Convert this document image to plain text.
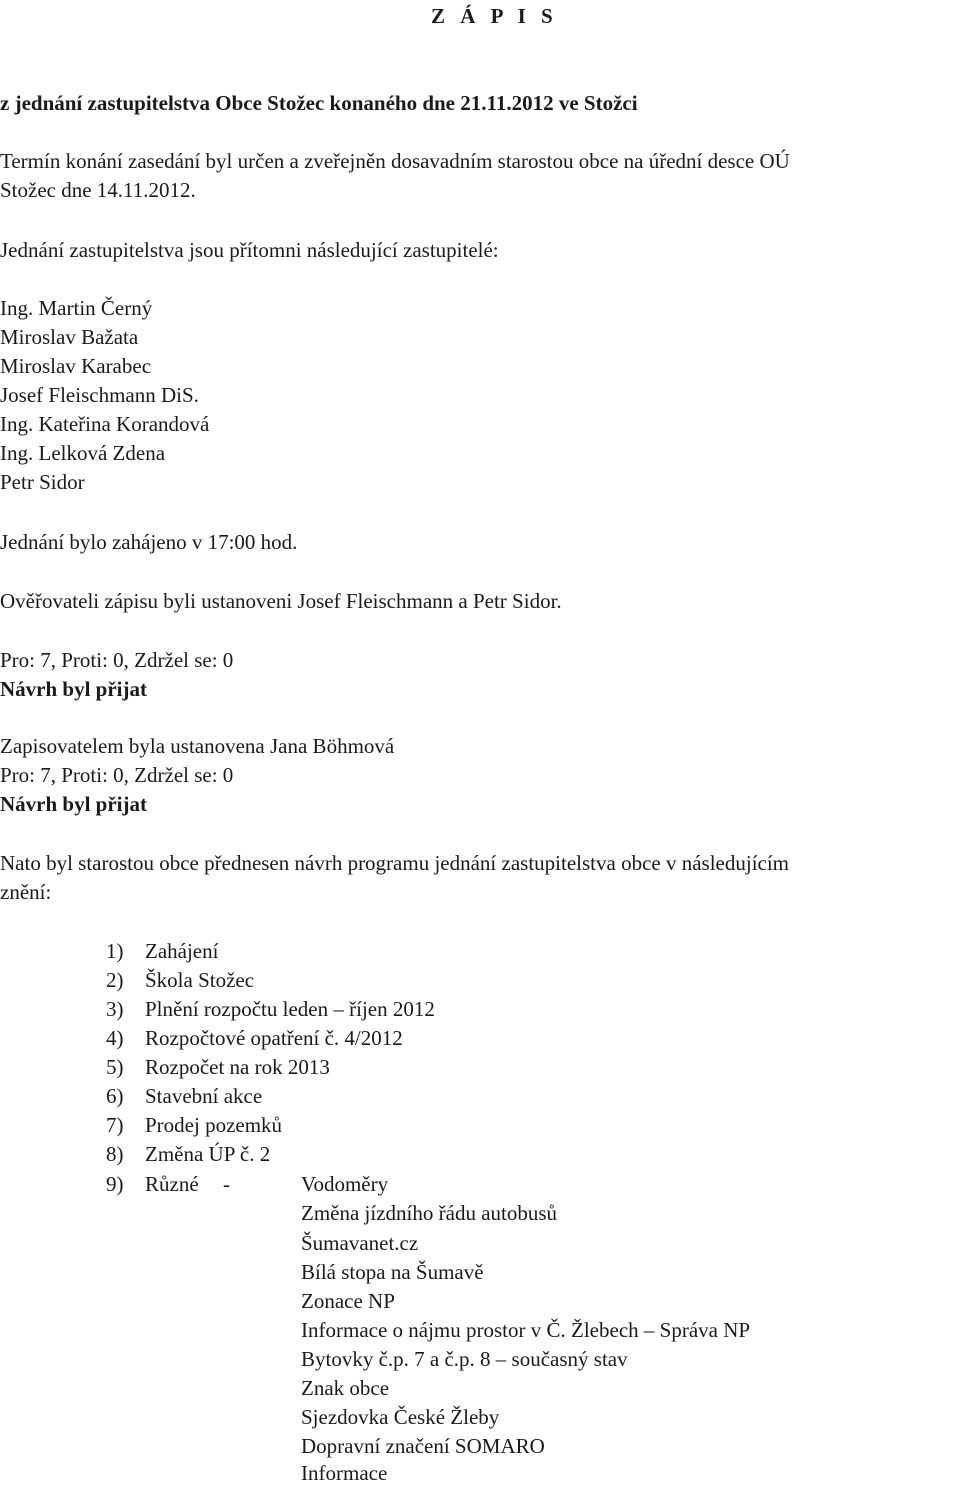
Z Á P I S
z jednání zastupitelstva Obce Stožec konaného dne 21.11.2012 ve Stožci
Termín konání zasedání byl určen a zveřejněn dosavadním starostou obce na úřední desce OÚ
Stožec dne 14.11.2012.
Jednání zastupitelstva jsou přítomni následující zastupitelé:
Ing. Martin Černý
Miroslav Bažata
Miroslav Karabec
Josef Fleischmann DiS.
Ing. Kateřina Korandová
Ing. Lelková Zdena
Petr Sidor
Jednání bylo zahájeno v 17:00 hod.
Ověřovateli zápisu byli ustanoveni Josef Fleischmann a Petr Sidor.
Pro: 7, Proti: 0, Zdržel se: 0
Návrh byl přijat
Zapisovatelem byla ustanovena Jana Böhmová
Pro: 7, Proti: 0, Zdržel se: 0
Návrh byl přijat
Nato byl starostou obce přednesen návrh programu jednání zastupitelstva obce v následujícím
znění:
1) Zahájení
2) Škola Stožec
3) Plnění rozpočtu leden – říjen 2012
4) Rozpočtové opatření č. 4/2012
5) Rozpočet na rok 2013
6) Stavební akce
7) Prodej pozemků
8) Změna ÚP č. 2
9) Různé -	Vodoměry
Změna jízdního řádu autobusů
Šumavanet.cz
Bílá stopa na Šumavě
Zonace NP
Informace o nájmu prostor v Č. Žlebech – Správa NP
Bytovky č.p. 7 a č.p. 8 – současný stav
Znak obce
Sjezdovka České Žleby
Dopravní značení SOMARO
Informace
